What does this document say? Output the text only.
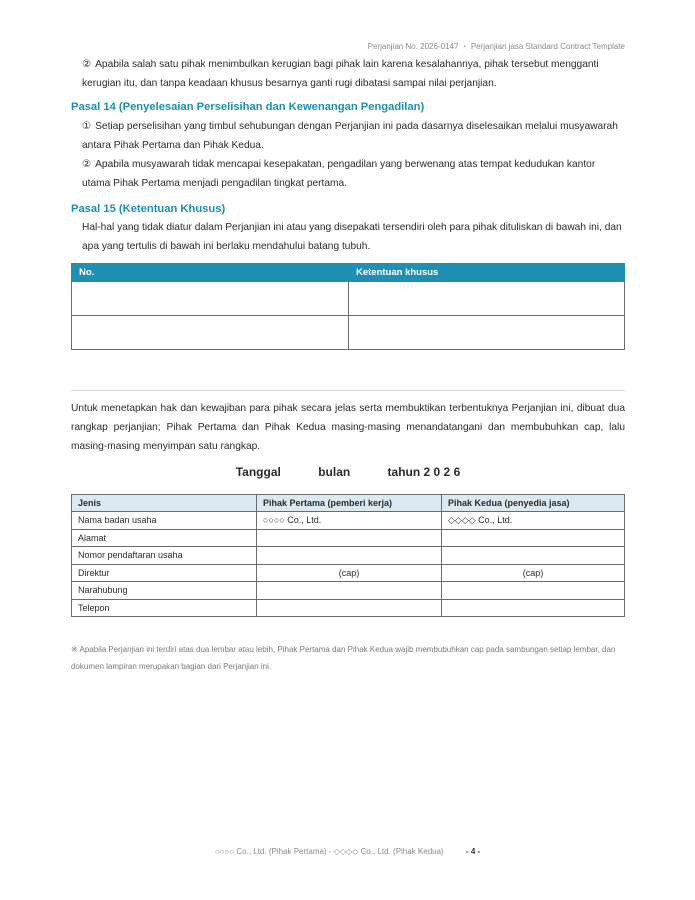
Perjanjian No. 2026-0147 ・ Perjanjian jasa Standard Contract Template

② Apabila salah satu pihak menimbulkan kerugian bagi pihak lain karena kesalahannya, pihak tersebut mengganti kerugian itu, dan tanpa keadaan khusus besarnya ganti rugi dibatasi sampai nilai perjanjian.

Pasal 14 (Penyelesaian Perselisihan dan Kewenangan Pengadilan)

① Setiap perselisihan yang timbul sehubungan dengan Perjanjian ini pada dasarnya diselesaikan melalui musyawarah antara Pihak Pertama dan Pihak Kedua.

② Apabila musyawarah tidak mencapai kesepakatan, pengadilan yang berwenang atas tempat kedudukan kantor utama Pihak Pertama menjadi pengadilan tingkat pertama.

Pasal 15 (Ketentuan Khusus)

Hal-hal yang tidak diatur dalam Perjanjian ini atau yang disepakati tersendiri oleh para pihak dituliskan di bawah ini, dan apa yang tertulis di bawah ini berlaku mendahului batang tubuh.

No.	Ketentuan khusus

Untuk menetapkan hak dan kewajiban para pihak secara jelas serta membuktikan terbentuknya Perjanjian ini, dibuat dua rangkap perjanjian; Pihak Pertama dan Pihak Kedua masing-masing menandatangani dan membubuhkan cap, lalu masing-masing menyimpan satu rangkap.

Tanggal	bulan	tahun 2 0 2 6
Jenis	Pihak Pertama (pemberi kerja)	Pihak Kedua (penyedia jasa)
Nama badan usaha	○○○○ Co., Ltd.	◇◇◇◇ Co., Ltd.
Alamat		
Nomor pendaftaran usaha		
Direktur	(cap)	(cap)
Narahubung		
Telepon		

※ Apabila Perjanjian ini terdiri atas dua lembar atau lebih, Pihak Pertama dan Pihak Kedua wajib membubuhkan cap pada sambungan setiap lembar, dan dokumen lampiran merupakan bagian dari Perjanjian ini.

○○○○ Co., Ltd. (Pihak Pertama) - ◇◇◇◇ Co., Ltd. (Pihak Kedua)	- 4 -
